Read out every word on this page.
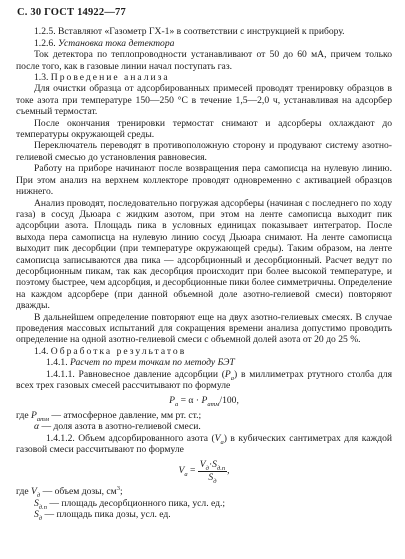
С. 30 ГОСТ 14922—77

1.2.5. Вставляют «Газометр ГХ-1» в соответствии с инструкцией к прибору.

1.2.6. Установка тока детектора

Ток детектора по теплопроводности устанавливают от 50 до 60 мА, причем только после того, как в газовые линии начал поступать газ.

1.3. Проведение анализа

Для очистки образца от адсорбированных примесей проводят тренировку образцов в токе азота при температуре 150—250 °С в течение 1,5—2,0 ч, устанавливая на адсорбер съемный термостат.

После окончания тренировки термостат снимают и адсорберы охлаждают до температуры окружающей среды.

Переключатель переводят в противоположную сторону и продувают систему азотно-гелиевой смесью до установления равновесия.

Работу на приборе начинают после возвращения пера самописца на нулевую линию. При этом анализ на верхнем коллекторе проводят одновременно с активацией образцов нижнего.

Анализ проводят, последовательно погружая адсорберы (начиная с последнего по ходу газа) в сосуд Дьюара с жидким азотом, при этом на ленте самописца выходит пик адсорбции азота. Площадь пика в условных единицах показывает интегратор. После выхода пера самописца на нулевую линию сосуд Дьюара снимают. На ленте самописца выходит пик десорбции (при температуре окружающей среды). Таким образом, на ленте самописца записываются два пика — адсорбционный и десорбционный. Расчет ведут по десорбционным пикам, так как десорбция происходит при более высокой температуре, и поэтому быстрее, чем адсорбция, и десорбционные пики более симметричны. Определение на каждом адсорбере (при данной объемной доле азотно-гелиевой смеси) повторяют дважды.

В дальнейшем определение повторяют еще на двух азотно-гелиевых смесях. В случае проведения массовых испытаний для сокращения времени анализа допустимо проводить определение на одной азотно-гелиевой смеси с объемной долей азота от 20 до 25 %.

1.4. Обработка результатов

1.4.1. Расчет по трем точкам по методу БЭТ

1.4.1.1. Равновесное давление адсорбции $(P_a)$ в миллиметрах ртутного столба для всех трех газовых смесей рассчитывают по формуле

$P_a = \alpha \cdot P_{атм}/100$,

где $P_{атм}$ — атмосферное давление, мм рт. ст.;

α — доля азота в азотно-гелиевой смеси.

1.4.1.2. Объем адсорбированного азота $(V_a)$ в кубических сантиметрах для каждой газовой смеси рассчитывают по формуле

$V_a = \frac{V_д\cdot S_{д.п}}{S_д}$ ,

где $V_д$ — объем дозы, $см^3$;

$S_{д.п}$ — площадь десорбционного пика, усл. ед.;

$S_д$ — площадь пика дозы, усл. ед.
